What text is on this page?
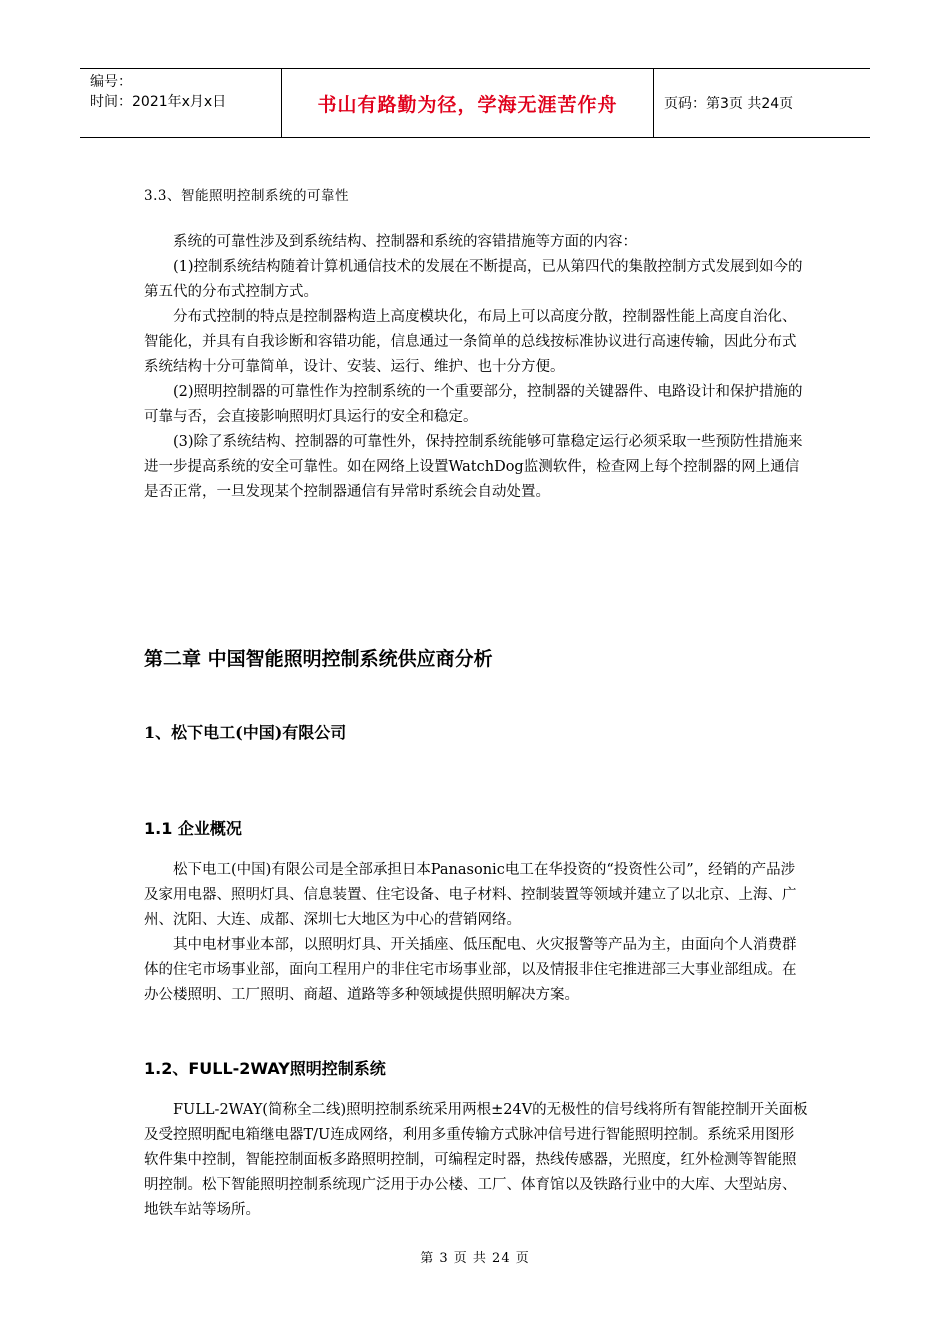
编号：
时间：2021年x月x日	书山有路勤为径，学海无涯苦作舟	页码：第3页 共24页

3.3、智能照明控制系统的可靠性

系统的可靠性涉及到系统结构、控制器和系统的容错措施等方面的内容：

(1)控制系统结构随着计算机通信技术的发展在不断提高，已从第四代的集散控制方式发展到如今的第五代的分布式控制方式。

分布式控制的特点是控制器构造上高度模块化，布局上可以高度分散，控制器性能上高度自治化、智能化，并具有自我诊断和容错功能，信息通过一条简单的总线按标准协议进行高速传输，因此分布式系统结构十分可靠简单，设计、安装、运行、维护、也十分方便。

(2)照明控制器的可靠性作为控制系统的一个重要部分，控制器的关键器件、电路设计和保护措施的可靠与否，会直接影响照明灯具运行的安全和稳定。

(3)除了系统结构、控制器的可靠性外，保持控制系统能够可靠稳定运行必须采取一些预防性措施来进一步提高系统的安全可靠性。如在网络上设置WatchDog监测软件，检查网上每个控制器的网上通信是否正常，一旦发现某个控制器通信有异常时系统会自动处置。

第二章 中国智能照明控制系统供应商分析
1、松下电工(中国)有限公司
1.1 企业概况

松下电工(中国)有限公司是全部承担日本Panasonic电工在华投资的“投资性公司”，经销的产品涉及家用电器、照明灯具、信息装置、住宅设备、电子材料、控制装置等领域并建立了以北京、上海、广州、沈阳、大连、成都、深圳七大地区为中心的营销网络。

其中电材事业本部，以照明灯具、开关插座、低压配电、火灾报警等产品为主，由面向个人消费群体的住宅市场事业部，面向工程用户的非住宅市场事业部，以及情报非住宅推进部三大事业部组成。在办公楼照明、工厂照明、商超、道路等多种领域提供照明解决方案。

1.2、FULL-2WAY照明控制系统

FULL-2WAY(简称全二线)照明控制系统采用两根±24V的无极性的信号线将所有智能控制开关面板及受控照明配电箱继电器T/U连成网络，利用多重传输方式脉冲信号进行智能照明控制。系统采用图形软件集中控制，智能控制面板多路照明控制，可编程定时器，热线传感器，光照度，红外检测等智能照明控制。松下智能照明控制系统现广泛用于办公楼、工厂、体育馆以及铁路行业中的大库、大型站房、地铁车站等场所。

第 3 页 共 24 页
